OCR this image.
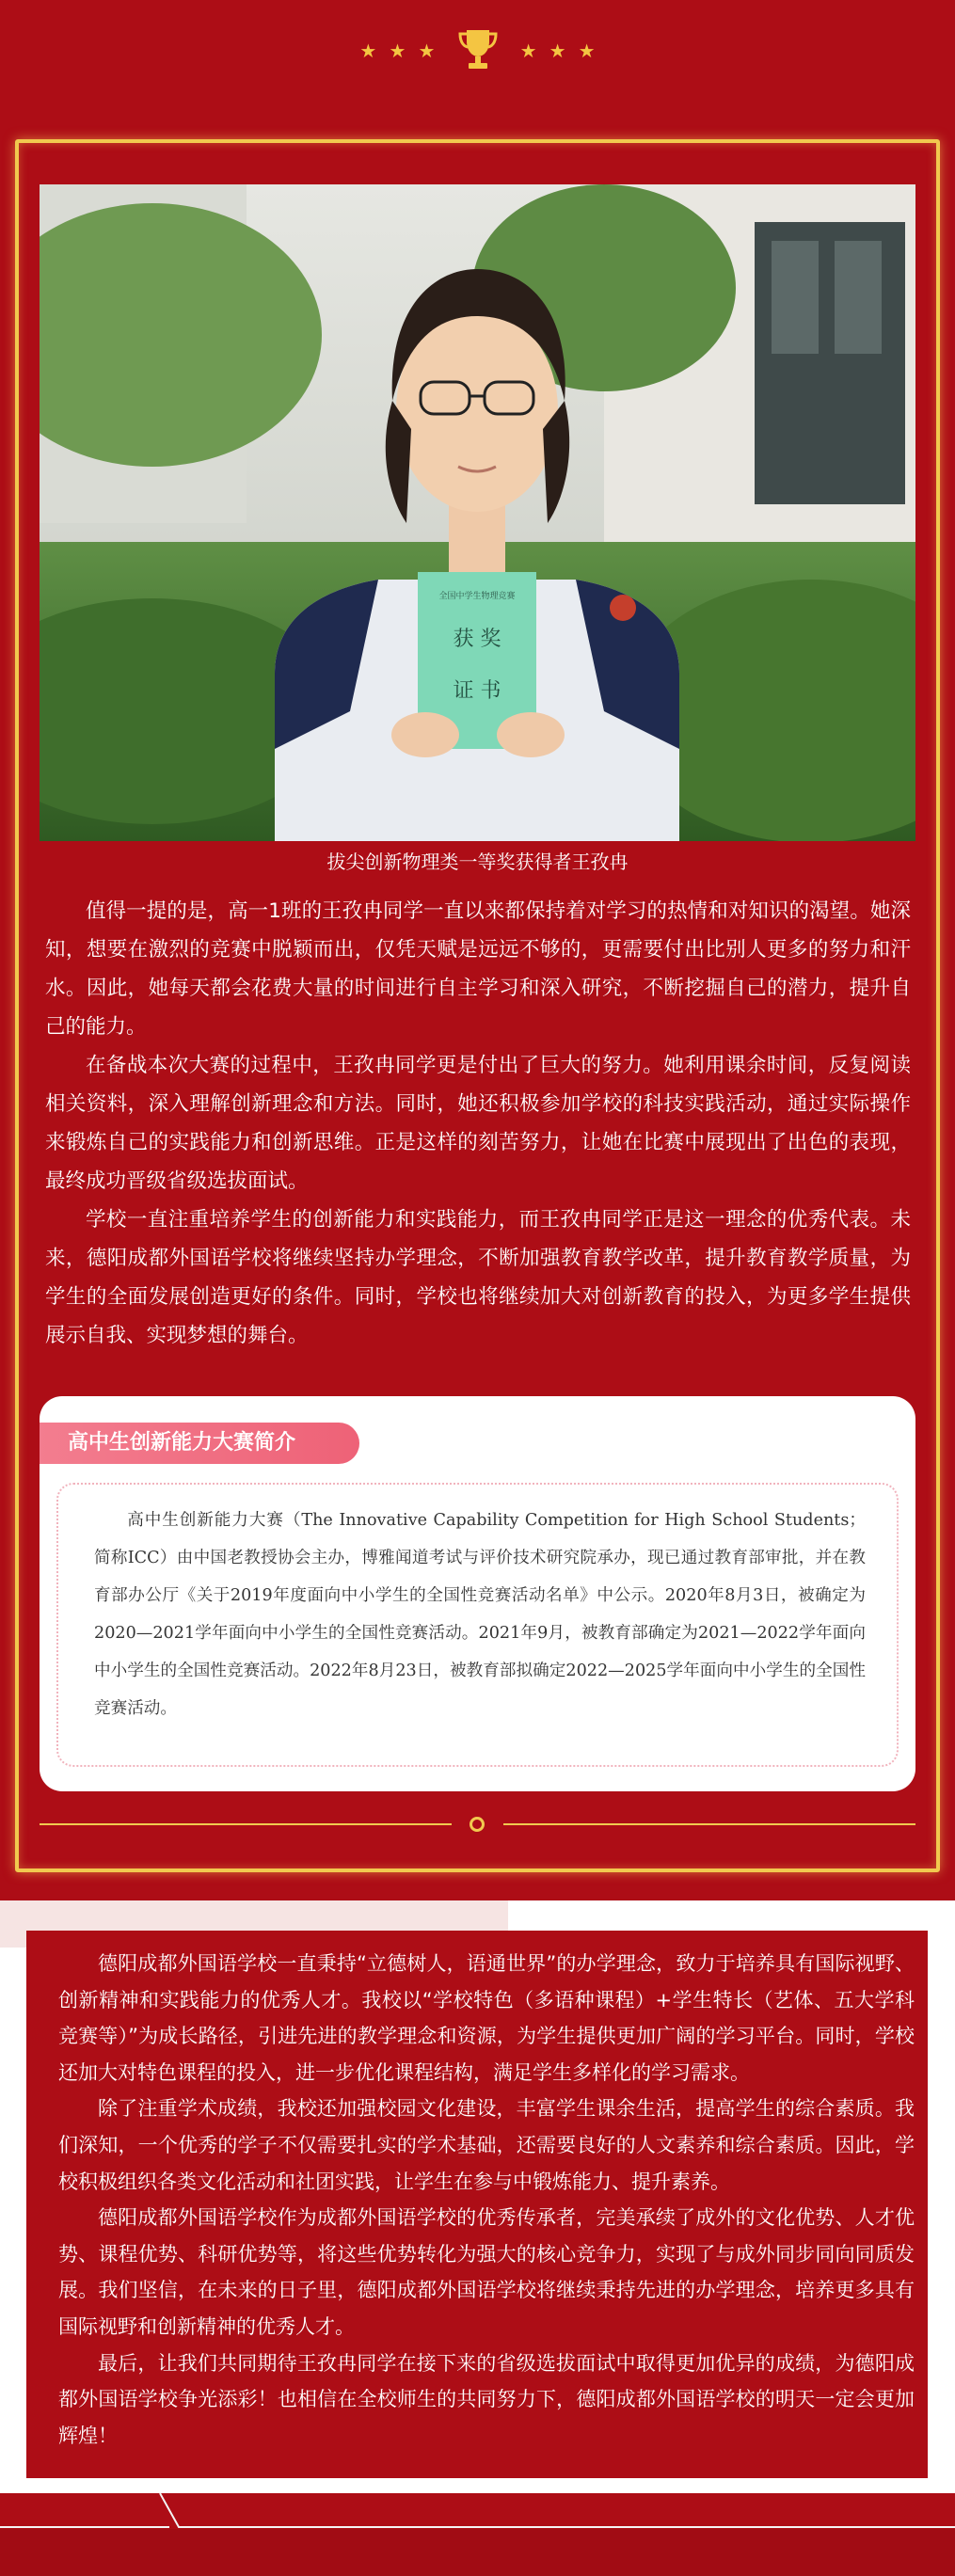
★ ★ ★	★ ★ ★
全国中学生物理竞赛
获 奖
证 书
拔尖创新物理类一等奖获得者王孜冉

值得一提的是，高一1班的王孜冉同学一直以来都保持着对学习的热情和对知识的渴望。她深知，想要在激烈的竞赛中脱颖而出，仅凭天赋是远远不够的，更需要付出比别人更多的努力和汗水。因此，她每天都会花费大量的时间进行自主学习和深入研究，不断挖掘自己的潜力，提升自己的能力。

在备战本次大赛的过程中，王孜冉同学更是付出了巨大的努力。她利用课余时间，反复阅读相关资料，深入理解创新理念和方法。同时，她还积极参加学校的科技实践活动，通过实际操作来锻炼自己的实践能力和创新思维。正是这样的刻苦努力，让她在比赛中展现出了出色的表现，最终成功晋级省级选拔面试。

学校一直注重培养学生的创新能力和实践能力，而王孜冉同学正是这一理念的优秀代表。未来，德阳成都外国语学校将继续坚持办学理念，不断加强教育教学改革，提升教育教学质量，为学生的全面发展创造更好的条件。同时，学校也将继续加大对创新教育的投入，为更多学生提供展示自我、实现梦想的舞台。

高中生创新能力大赛简介
高中生创新能力大赛（The Innovative Capability Competition for High School Students；简称ICC）由中国老教授协会主办，博雅闻道考试与评价技术研究院承办，现已通过教育部审批，并在教育部办公厅《关于2019年度面向中小学生的全国性竞赛活动名单》中公示。2020年8月3日，被确定为2020—2021学年面向中小学生的全国性竞赛活动。2021年9月，被教育部确定为2021—2022学年面向中小学生的全国性竞赛活动。2022年8月23日，被教育部拟确定2022—2025学年面向中小学生的全国性竞赛活动。

德阳成都外国语学校一直秉持“立德树人，语通世界”的办学理念，致力于培养具有国际视野、创新精神和实践能力的优秀人才。我校以“学校特色（多语种课程）+学生特长（艺体、五大学科竞赛等）”为成长路径，引进先进的教学理念和资源，为学生提供更加广阔的学习平台。同时，学校还加大对特色课程的投入，进一步优化课程结构，满足学生多样化的学习需求。

除了注重学术成绩，我校还加强校园文化建设，丰富学生课余生活，提高学生的综合素质。我们深知，一个优秀的学子不仅需要扎实的学术基础，还需要良好的人文素养和综合素质。因此，学校积极组织各类文化活动和社团实践，让学生在参与中锻炼能力、提升素养。

德阳成都外国语学校作为成都外国语学校的优秀传承者，完美承续了成外的文化优势、人才优势、课程优势、科研优势等，将这些优势转化为强大的核心竞争力，实现了与成外同步同向同质发展。我们坚信，在未来的日子里，德阳成都外国语学校将继续秉持先进的办学理念，培养更多具有国际视野和创新精神的优秀人才。

最后，让我们共同期待王孜冉同学在接下来的省级选拔面试中取得更加优异的成绩，为德阳成都外国语学校争光添彩！也相信在全校师生的共同努力下，德阳成都外国语学校的明天一定会更加辉煌！
